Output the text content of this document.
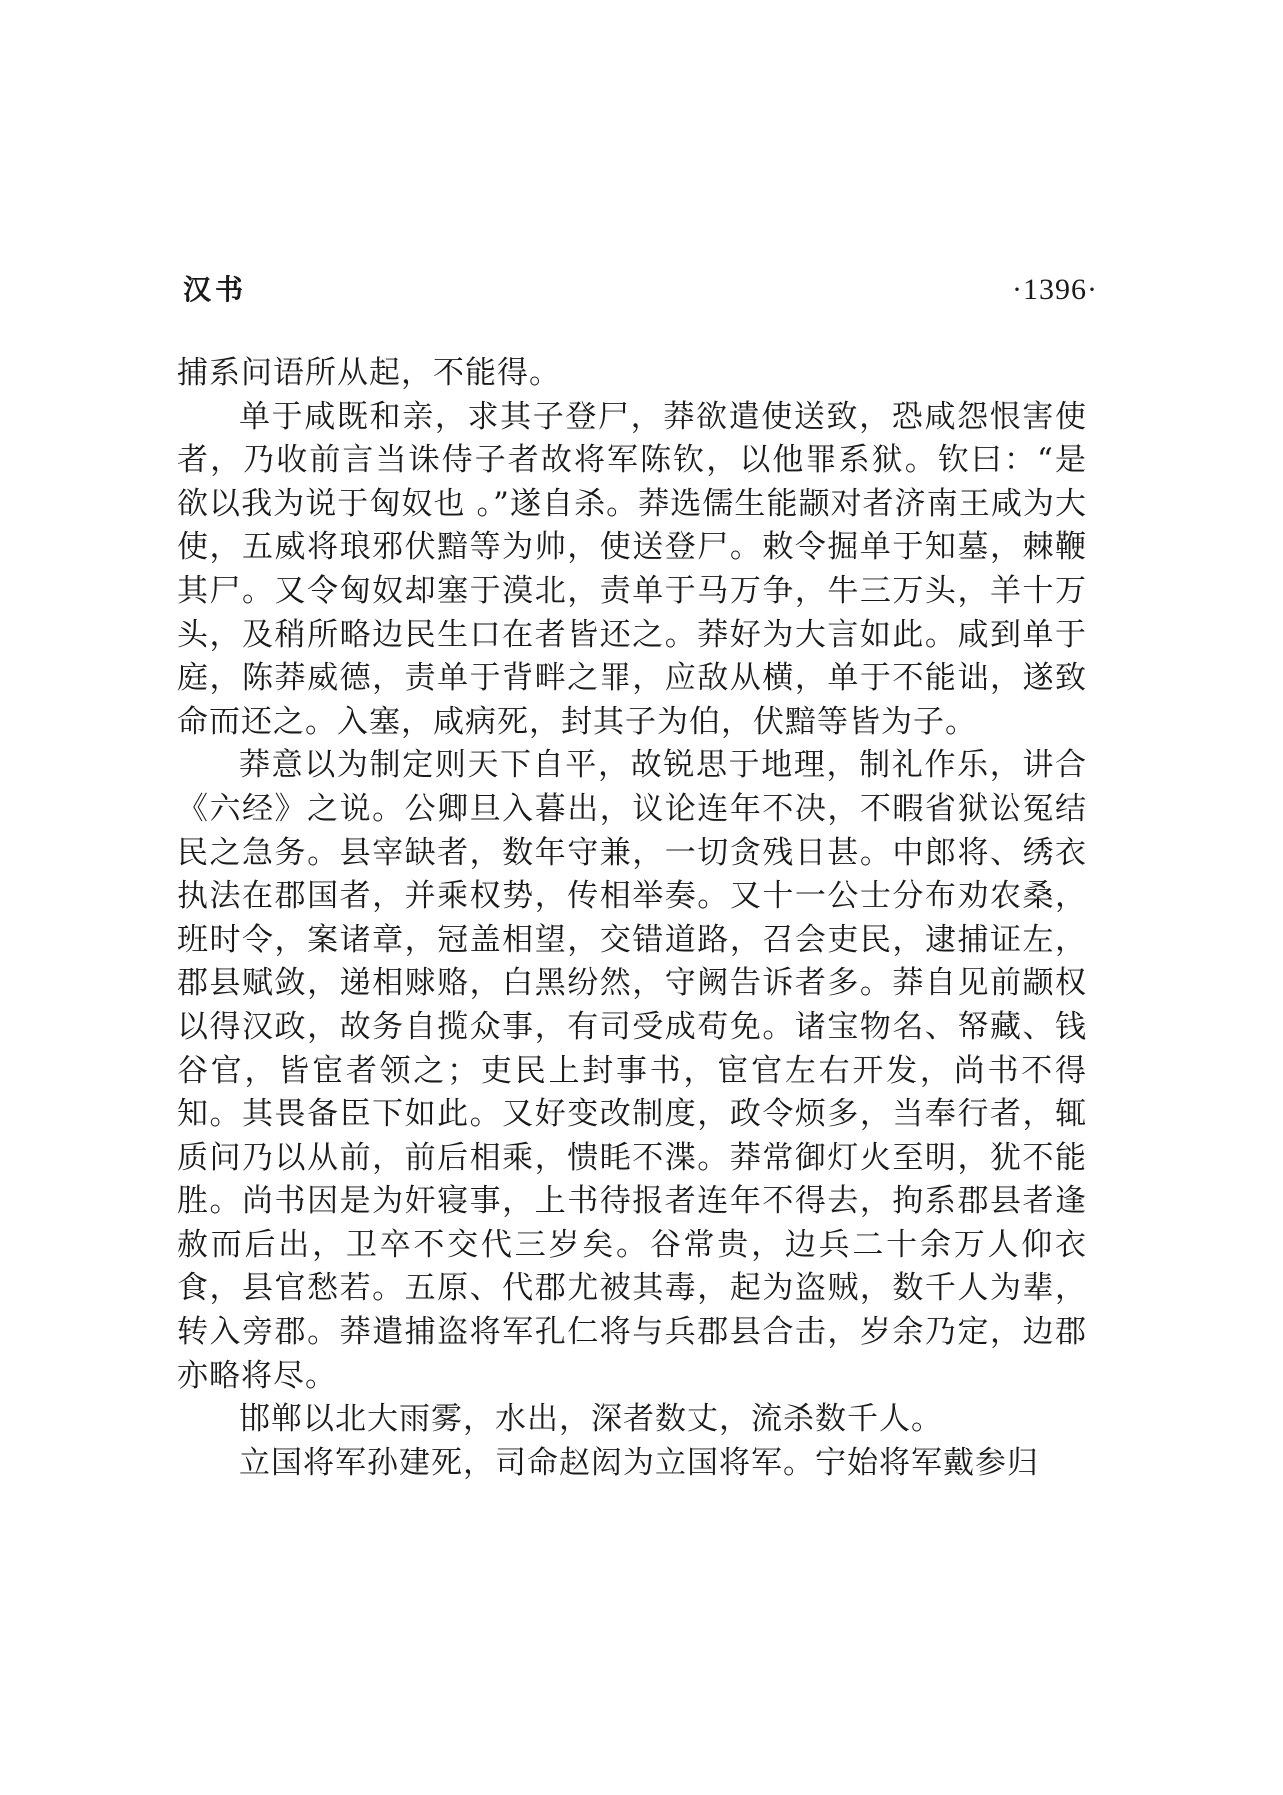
汉书	·1396·

捕系问语所从起，不能得。

单于咸既和亲，求其子登尸，莽欲遣使送致，恐咸怨恨害使者，乃收前言当诛侍子者故将军陈钦，以他罪系狱。钦曰：“是欲以我为说于匈奴也 。”遂自杀。莽选儒生能颛对者济南王咸为大使，五威将琅邪伏黯等为帅，使送登尸。敕令掘单于知墓，棘鞭其尸。又令匈奴却塞于漠北，责单于马万争，牛三万头，羊十万头，及稍所略边民生口在者皆还之。莽好为大言如此。咸到单于庭，陈莽威德，责单于背畔之罪，应敌从横，单于不能诎，遂致命而还之。入塞，咸病死，封其子为伯，伏黯等皆为子。

莽意以为制定则天下自平，故锐思于地理，制礼作乐，讲合《六经》之说。公卿旦入暮出，议论连年不决，不暇省狱讼冤结民之急务。县宰缺者，数年守兼，一切贪残日甚。中郎将、绣衣执法在郡国者，并乘权势，传相举奏。又十一公士分布劝农桑，班时令，案诸章，冠盖相望，交错道路，召会吏民，逮捕证左，郡县赋敛，递相赇赂，白黑纷然，守阙告诉者多。莽自见前颛权以得汉政，故务自揽众事，有司受成苟免。诸宝物名、帑藏、钱谷官，皆宦者领之；吏民上封事书，宦官左右开发，尚书不得知。其畏备臣下如此。又好变改制度，政令烦多，当奉行者，辄质问乃以从前，前后相乘，愦眊不渫。莽常御灯火至明，犹不能胜。尚书因是为奸寝事，上书待报者连年不得去，拘系郡县者逢赦而后出，卫卒不交代三岁矣。谷常贵，边兵二十余万人仰衣食，县官愁若。五原、代郡尤被其毒，起为盗贼，数千人为辈，转入旁郡。莽遣捕盗将军孔仁将与兵郡县合击，岁余乃定，边郡亦略将尽。

邯郸以北大雨雾，水出，深者数丈，流杀数千人。

立国将军孙建死，司命赵闳为立国将军。宁始将军戴参归
